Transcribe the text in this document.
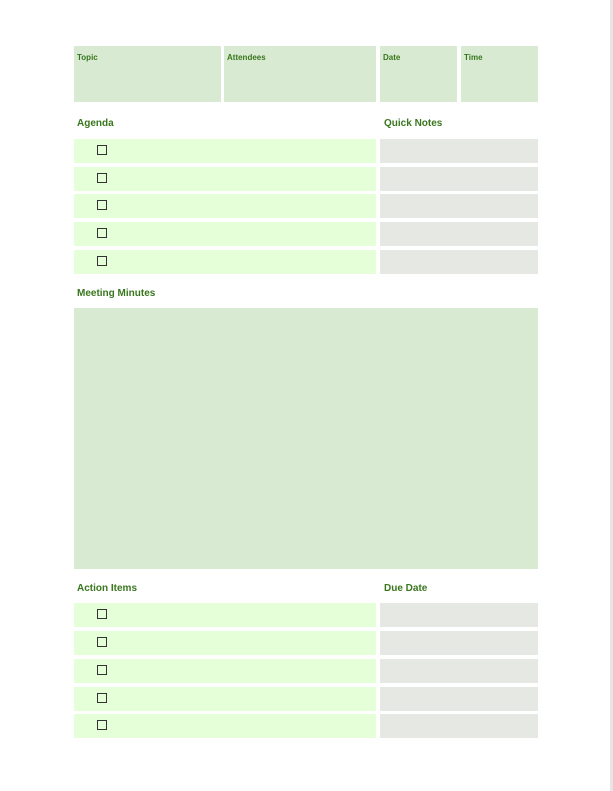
Topic	Attendees	Date	Time
Agenda	Quick Notes
Meeting Minutes
Action Items	Due Date
